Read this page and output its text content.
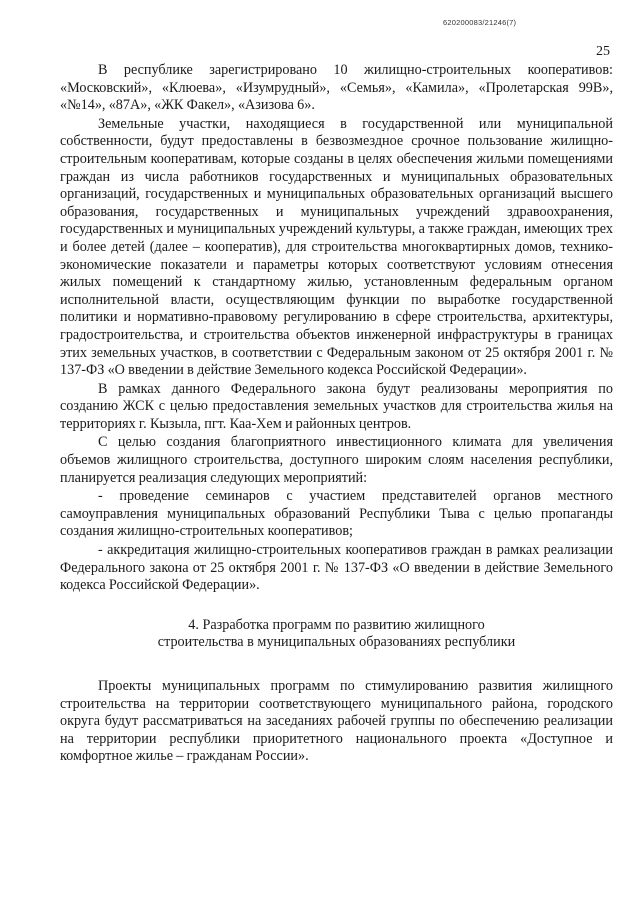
620200083/21246(7)
25

В республике зарегистрировано 10 жилищно-строительных кооперативов: «Московский», «Клюева», «Изумрудный», «Семья», «Камила», «Пролетарская 99В», «№14», «87А», «ЖК Факел», «Азизова 6».

Земельные участки, находящиеся в государственной или муниципальной собственности, будут предоставлены в безвозмездное срочное пользование жилищно-строительным кооперативам, которые созданы в целях обеспечения жильми помещениями граждан из числа работников государственных и муниципальных образовательных организаций, государственных и муниципальных образовательных организаций высшего образования, государственных и муниципальных учреждений здравоохранения, государственных и муниципальных учреждений культуры, а также граждан, имеющих трех и более детей (далее – кооператив), для строительства многоквартирных домов, технико-экономические показатели и параметры которых соответствуют условиям отнесения жилых помещений к стандартному жилью, установленным федеральным органом исполнительной власти, осуществляющим функции по выработке государственной политики и нормативно-правовому регулированию в сфере строительства, архитектуры, градостроительства, и строительства объектов инженерной инфраструктуры в границах этих земельных участков, в соответствии с Федеральным законом от 25 октября 2001 г. № 137-ФЗ «О введении в действие Земельного кодекса Российской Федерации».

В рамках данного Федерального закона будут реализованы мероприятия по созданию ЖСК с целью предоставления земельных участков для строительства жилья на территориях г. Кызыла, пгт. Каа-Хем и районных центров.

С целью создания благоприятного инвестиционного климата для увеличения объемов жилищного строительства, доступного широким слоям населения республики, планируется реализация следующих мероприятий:

- проведение семинаров с участием представителей органов местного самоуправления муниципальных образований Республики Тыва с целью пропаганды создания жилищно-строительных кооперативов;

- аккредитация жилищно-строительных кооперативов граждан в рамках реализации Федерального закона от 25 октября 2001 г. № 137-ФЗ «О введении в действие Земельного кодекса Российской Федерации».

4. Разработка программ по развитию жилищного
строительства в муниципальных образованиях республики

Проекты муниципальных программ по стимулированию развития жилищного строительства на территории соответствующего муниципального района, городского округа будут рассматриваться на заседаниях рабочей группы по обеспечению реализации на территории республики приоритетного национального проекта «Доступное и комфортное жилье – гражданам России».
